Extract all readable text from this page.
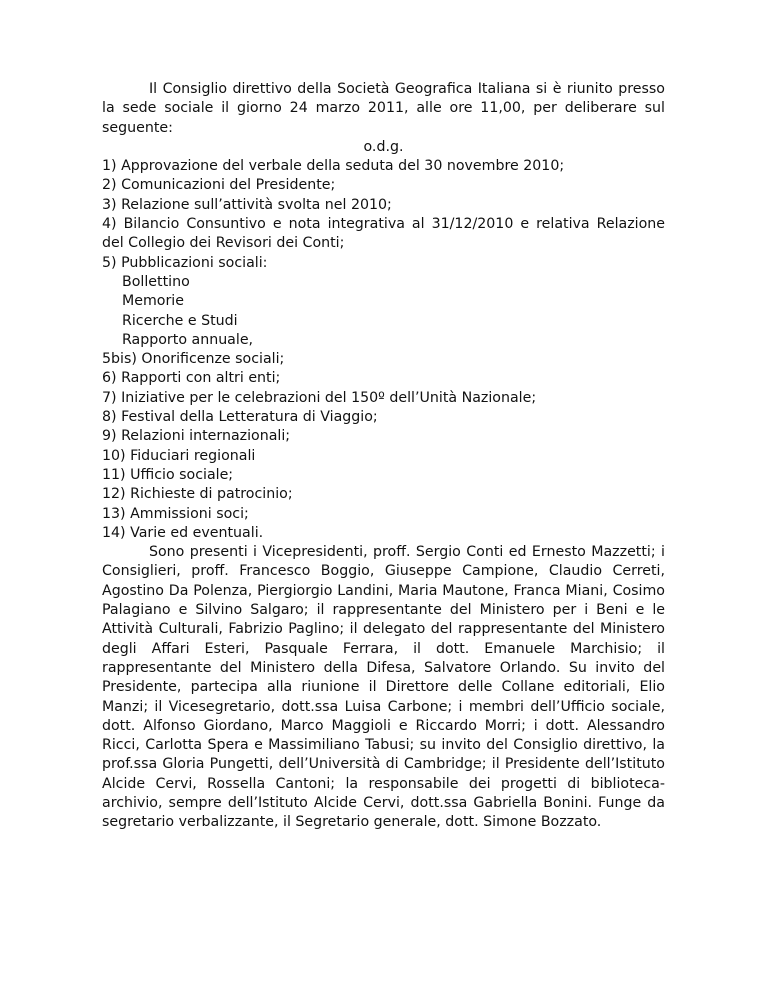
Il Consiglio direttivo della Società Geografica Italiana si è riunito presso la sede sociale il giorno 24 marzo 2011, alle ore 11,00, per deliberare sul seguente:

o.d.g.

1) Approvazione del verbale della seduta del 30 novembre 2010;

2) Comunicazioni del Presidente;

3) Relazione sull’attività svolta nel 2010;

4) Bilancio Consuntivo e nota integrativa al 31/12/2010 e relativa Relazione del Collegio dei Revisori dei Conti;

5) Pubblicazioni sociali:

Bollettino

Memorie

Ricerche e Studi

Rapporto annuale,

5bis) Onorificenze sociali;

6) Rapporti con altri enti;

7) Iniziative per le celebrazioni del 150º dell’Unità Nazionale;

8) Festival della Letteratura di Viaggio;

9) Relazioni internazionali;

10) Fiduciari regionali

11) Ufficio sociale;

12) Richieste di patrocinio;

13) Ammissioni soci;

14) Varie ed eventuali.

Sono presenti i Vicepresidenti, proff. Sergio Conti ed Ernesto Mazzetti; i Consiglieri, proff. Francesco Boggio, Giuseppe Campione, Claudio Cerreti, Agostino Da Polenza, Piergiorgio Landini, Maria Mautone, Franca Miani, Cosimo Palagiano e Silvino Salgaro; il rappresentante del Ministero per i Beni e le Attività Culturali, Fabrizio Paglino; il delegato del rappresentante del Ministero degli Affari Esteri, Pasquale Ferrara, il dott. Emanuele Marchisio; il rappresentante del Ministero della Difesa, Salvatore Orlando. Su invito del Presidente, partecipa alla riunione il Direttore delle Collane editoriali, Elio Manzi; il Vicesegretario, dott.ssa Luisa Carbone; i membri dell’Ufficio sociale, dott. Alfonso Giordano, Marco Maggioli e Riccardo Morri; i dott. Alessandro Ricci, Carlotta Spera e Massimiliano Tabusi; su invito del Consiglio direttivo, la prof.ssa Gloria Pungetti, dell’Università di Cambridge; il Presidente dell’Istituto Alcide Cervi, Rossella Cantoni; la responsabile dei progetti di biblioteca-archivio, sempre dell’Istituto Alcide Cervi, dott.ssa Gabriella Bonini. Funge da segretario verbalizzante, il Segretario generale, dott. Simone Bozzato.
